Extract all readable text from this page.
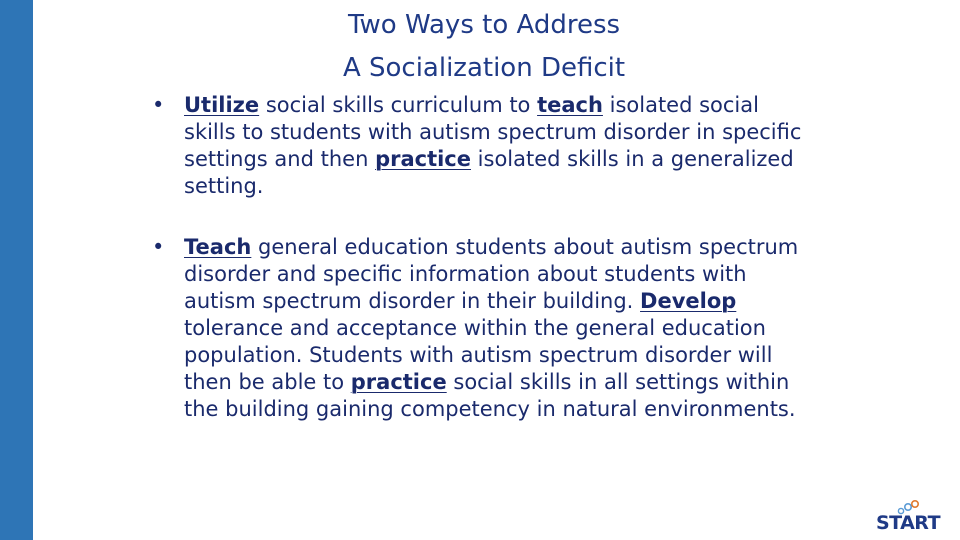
Two Ways to Address
A Socialization Deficit
• Utilize social skills curriculum to teach isolated social skills to students with autism spectrum disorder in specific settings and then practice isolated skills in a generalized setting.
• Teach general education students about autism spectrum disorder and specific information about students with autism spectrum disorder in their building. Develop tolerance and acceptance within the general education population. Students with autism spectrum disorder will then be able to practice social skills in all settings within the building gaining competency in natural environments.
START
